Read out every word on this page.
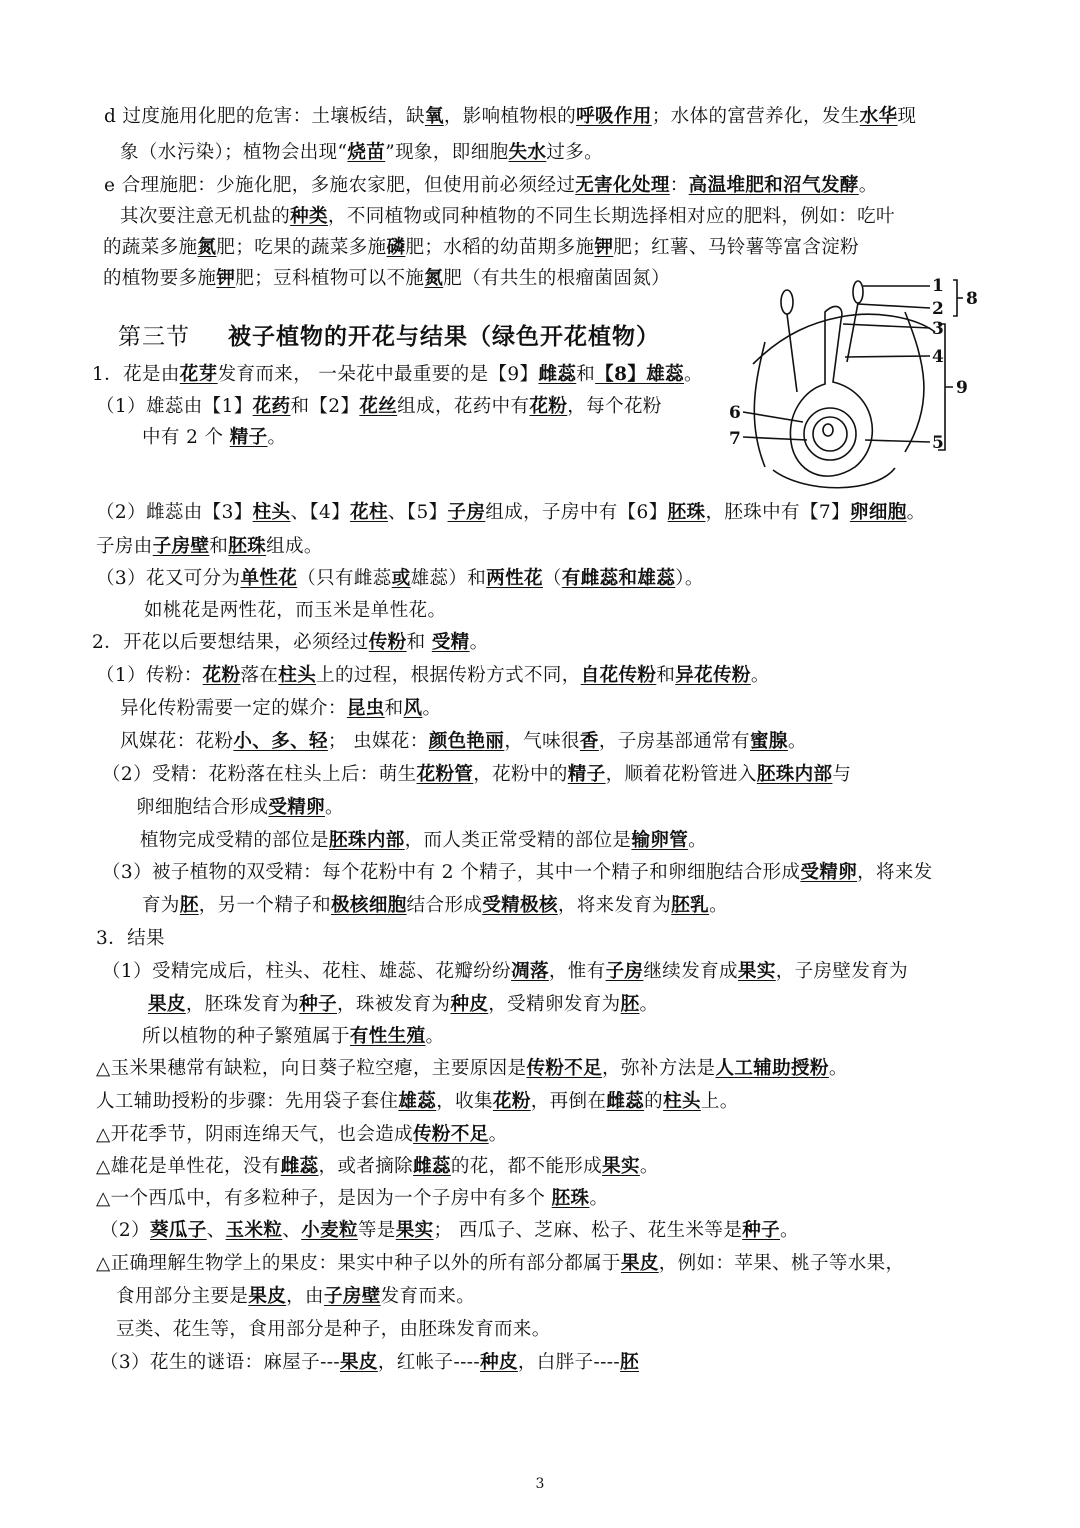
d 过度施用化肥的危害：土壤板结，缺氧，影响植物根的呼吸作用；水体的富营养化，发生水华现
象（水污染）；植物会出现“烧苗”现象，即细胞失水过多。
e 合理施肥：少施化肥，多施农家肥，但使用前必须经过无害化处理：高温堆肥和沼气发酵。
其次要注意无机盐的种类，不同植物或同种植物的不同生长期选择相对应的肥料，例如：吃叶
的蔬菜多施氮肥；吃果的蔬菜多施磷肥；水稻的幼苗期多施钾肥；红薯、马铃薯等富含淀粉
的植物要多施钾肥；豆科植物可以不施氮肥（有共生的根瘤菌固氮）
1．花是由花芽发育而来， 一朵花中最重要的是【9】雌蕊和【8】雄蕊。
（1）雄蕊由【1】花药和【2】花丝组成，花药中有花粉，每个花粉
中有 2 个 精子。
（2）雌蕊由【3】柱头、【4】花柱、【5】子房组成，子房中有【6】胚珠，胚珠中有【7】卵细胞。
子房由子房壁和胚珠组成。
（3）花又可分为单性花（只有雌蕊或雄蕊）和两性花（有雌蕊和雄蕊）。
如桃花是两性花，而玉米是单性花。
2．开花以后要想结果，必须经过传粉和 受精。
（1）传粉：花粉落在柱头上的过程，根据传粉方式不同，自花传粉和异花传粉。
异化传粉需要一定的媒介：昆虫和风。
风媒花：花粉小、多、轻； 虫媒花：颜色艳丽，气味很香，子房基部通常有蜜腺。
（2）受精：花粉落在柱头上后：萌生花粉管，花粉中的精子，顺着花粉管进入胚珠内部与
卵细胞结合形成受精卵。
植物完成受精的部位是胚珠内部，而人类正常受精的部位是输卵管。
（3）被子植物的双受精：每个花粉中有 2 个精子，其中一个精子和卵细胞结合形成受精卵，将来发
育为胚，另一个精子和极核细胞结合形成受精极核，将来发育为胚乳。
3．结果
（1）受精完成后，柱头、花柱、雄蕊、花瓣纷纷凋落，惟有子房继续发育成果实，子房壁发育为
果皮，胚珠发育为种子，珠被发育为种皮，受精卵发育为胚。
所以植物的种子繁殖属于有性生殖。
△玉米果穗常有缺粒，向日葵子粒空瘪，主要原因是传粉不足，弥补方法是人工辅助授粉。
人工辅助授粉的步骤：先用袋子套住雄蕊，收集花粉，再倒在雌蕊的柱头上。
△开花季节，阴雨连绵天气，也会造成传粉不足。
△雄花是单性花，没有雌蕊，或者摘除雌蕊的花，都不能形成果实。
△一个西瓜中，有多粒种子，是因为一个子房中有多个 胚珠。
（2）葵瓜子、玉米粒、小麦粒等是果实； 西瓜子、芝麻、松子、花生米等是种子。
△正确理解生物学上的果皮：果实中种子以外的所有部分都属于果皮，例如：苹果、桃子等水果，
食用部分主要是果皮，由子房壁发育而来。
豆类、花生等，食用部分是种子，由胚珠发育而来。
（3）花生的谜语：麻屋子---果皮，红帐子----种皮，白胖子----胚
第三节 被子植物的开花与结果（绿色开花植物）
1
2 8
3
4
9
6
7	5
3
